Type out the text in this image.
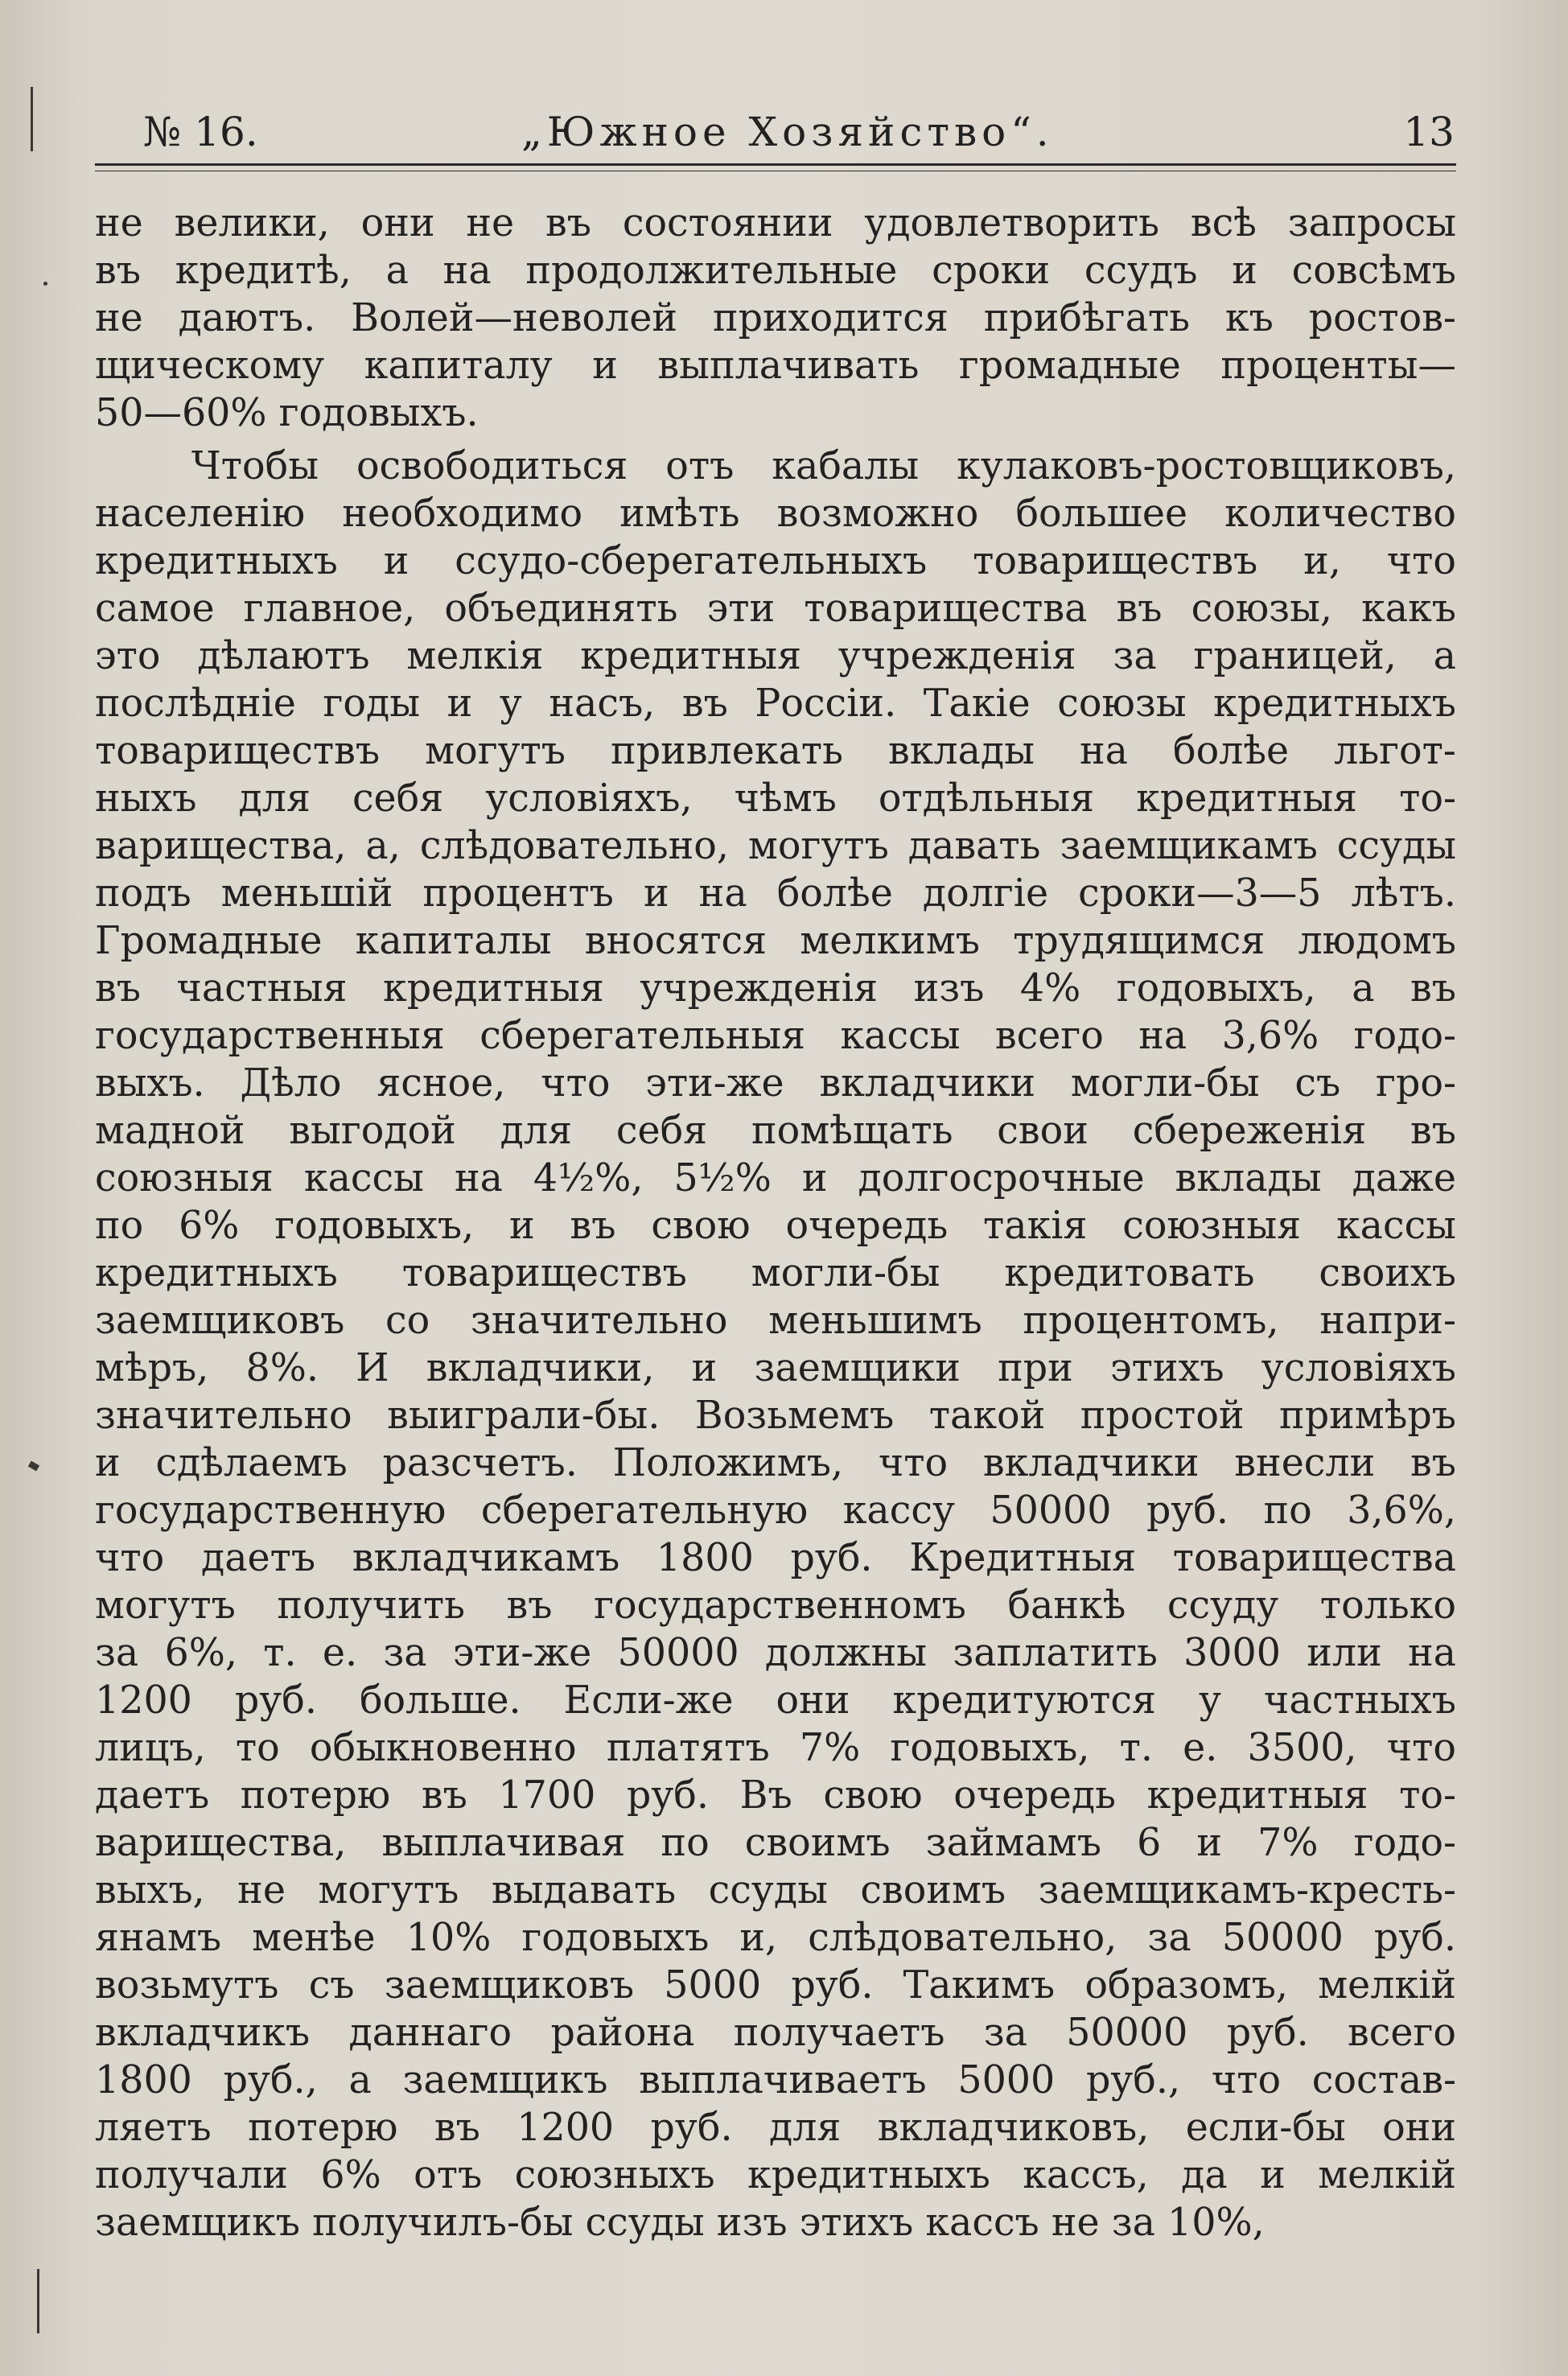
№ 16.	„Южное Хозяйство“.	13
не велики, они не въ состоянии удовлетворить всѣ запросы
въ кредитѣ, а на продолжительные сроки ссудъ и совсѣмъ
не даютъ. Волей—неволей приходится прибѣгать къ ростов-
щическому капиталу и выплачивать громадные проценты—
50—60% годовыхъ.
Чтобы освободиться отъ кабалы кулаковъ-ростовщиковъ,
населенію необходимо имѣть возможно большее количество
кредитныхъ и ссудо-сберегательныхъ товариществъ и, что
самое главное, объединять эти товарищества въ союзы, какъ
это дѣлаютъ мелкія кредитныя учрежденія за границей, а
послѣдніе годы и у насъ, въ Россіи. Такіе союзы кредитныхъ
товариществъ могутъ привлекать вклады на болѣе льгот-
ныхъ для себя условіяхъ, чѣмъ отдѣльныя кредитныя то-
варищества, а, слѣдовательно, могутъ давать заемщикамъ ссуды
подъ меньшій процентъ и на болѣе долгіе сроки—3—5 лѣтъ.
Громадные капиталы вносятся мелкимъ трудящимся людомъ
въ частныя кредитныя учрежденія изъ 4% годовыхъ, а въ
государственныя сберегательныя кассы всего на 3,6% годо-
выхъ. Дѣло ясное, что эти-же вкладчики могли-бы съ гро-
мадной выгодой для себя помѣщать свои сбереженія въ
союзныя кассы на 4½%, 5½% и долгосрочные вклады даже
по 6% годовыхъ, и въ свою очередь такія союзныя кассы
кредитныхъ товариществъ могли-бы кредитовать своихъ
заемщиковъ со значительно меньшимъ процентомъ, напри-
мѣръ, 8%. И вкладчики, и заемщики при этихъ условіяхъ
значительно выиграли-бы. Возьмемъ такой простой примѣръ
и сдѣлаемъ разсчетъ. Положимъ, что вкладчики внесли въ
государственную сберегательную кассу 50000 руб. по 3,6%,
что даетъ вкладчикамъ 1800 руб. Кредитныя товарищества
могутъ получить въ государственномъ банкѣ ссуду только
за 6%, т. е. за эти-же 50000 должны заплатить 3000 или на
1200 руб. больше. Если-же они кредитуются у частныхъ
лицъ, то обыкновенно платятъ 7% годовыхъ, т. е. 3500, что
даетъ потерю въ 1700 руб. Въ свою очередь кредитныя то-
варищества, выплачивая по своимъ займамъ 6 и 7% годо-
выхъ, не могутъ выдавать ссуды своимъ заемщикамъ-кресть-
янамъ менѣе 10% годовыхъ и, слѣдовательно, за 50000 руб.
возьмутъ съ заемщиковъ 5000 руб. Такимъ образомъ, мелкій
вкладчикъ даннаго района получаетъ за 50000 руб. всего
1800 руб., а заемщикъ выплачиваетъ 5000 руб., что состав-
ляетъ потерю въ 1200 руб. для вкладчиковъ, если-бы они
получали 6% отъ союзныхъ кредитныхъ кассъ, да и мелкій
заемщикъ получилъ-бы ссуды изъ этихъ кассъ не за 10%,
